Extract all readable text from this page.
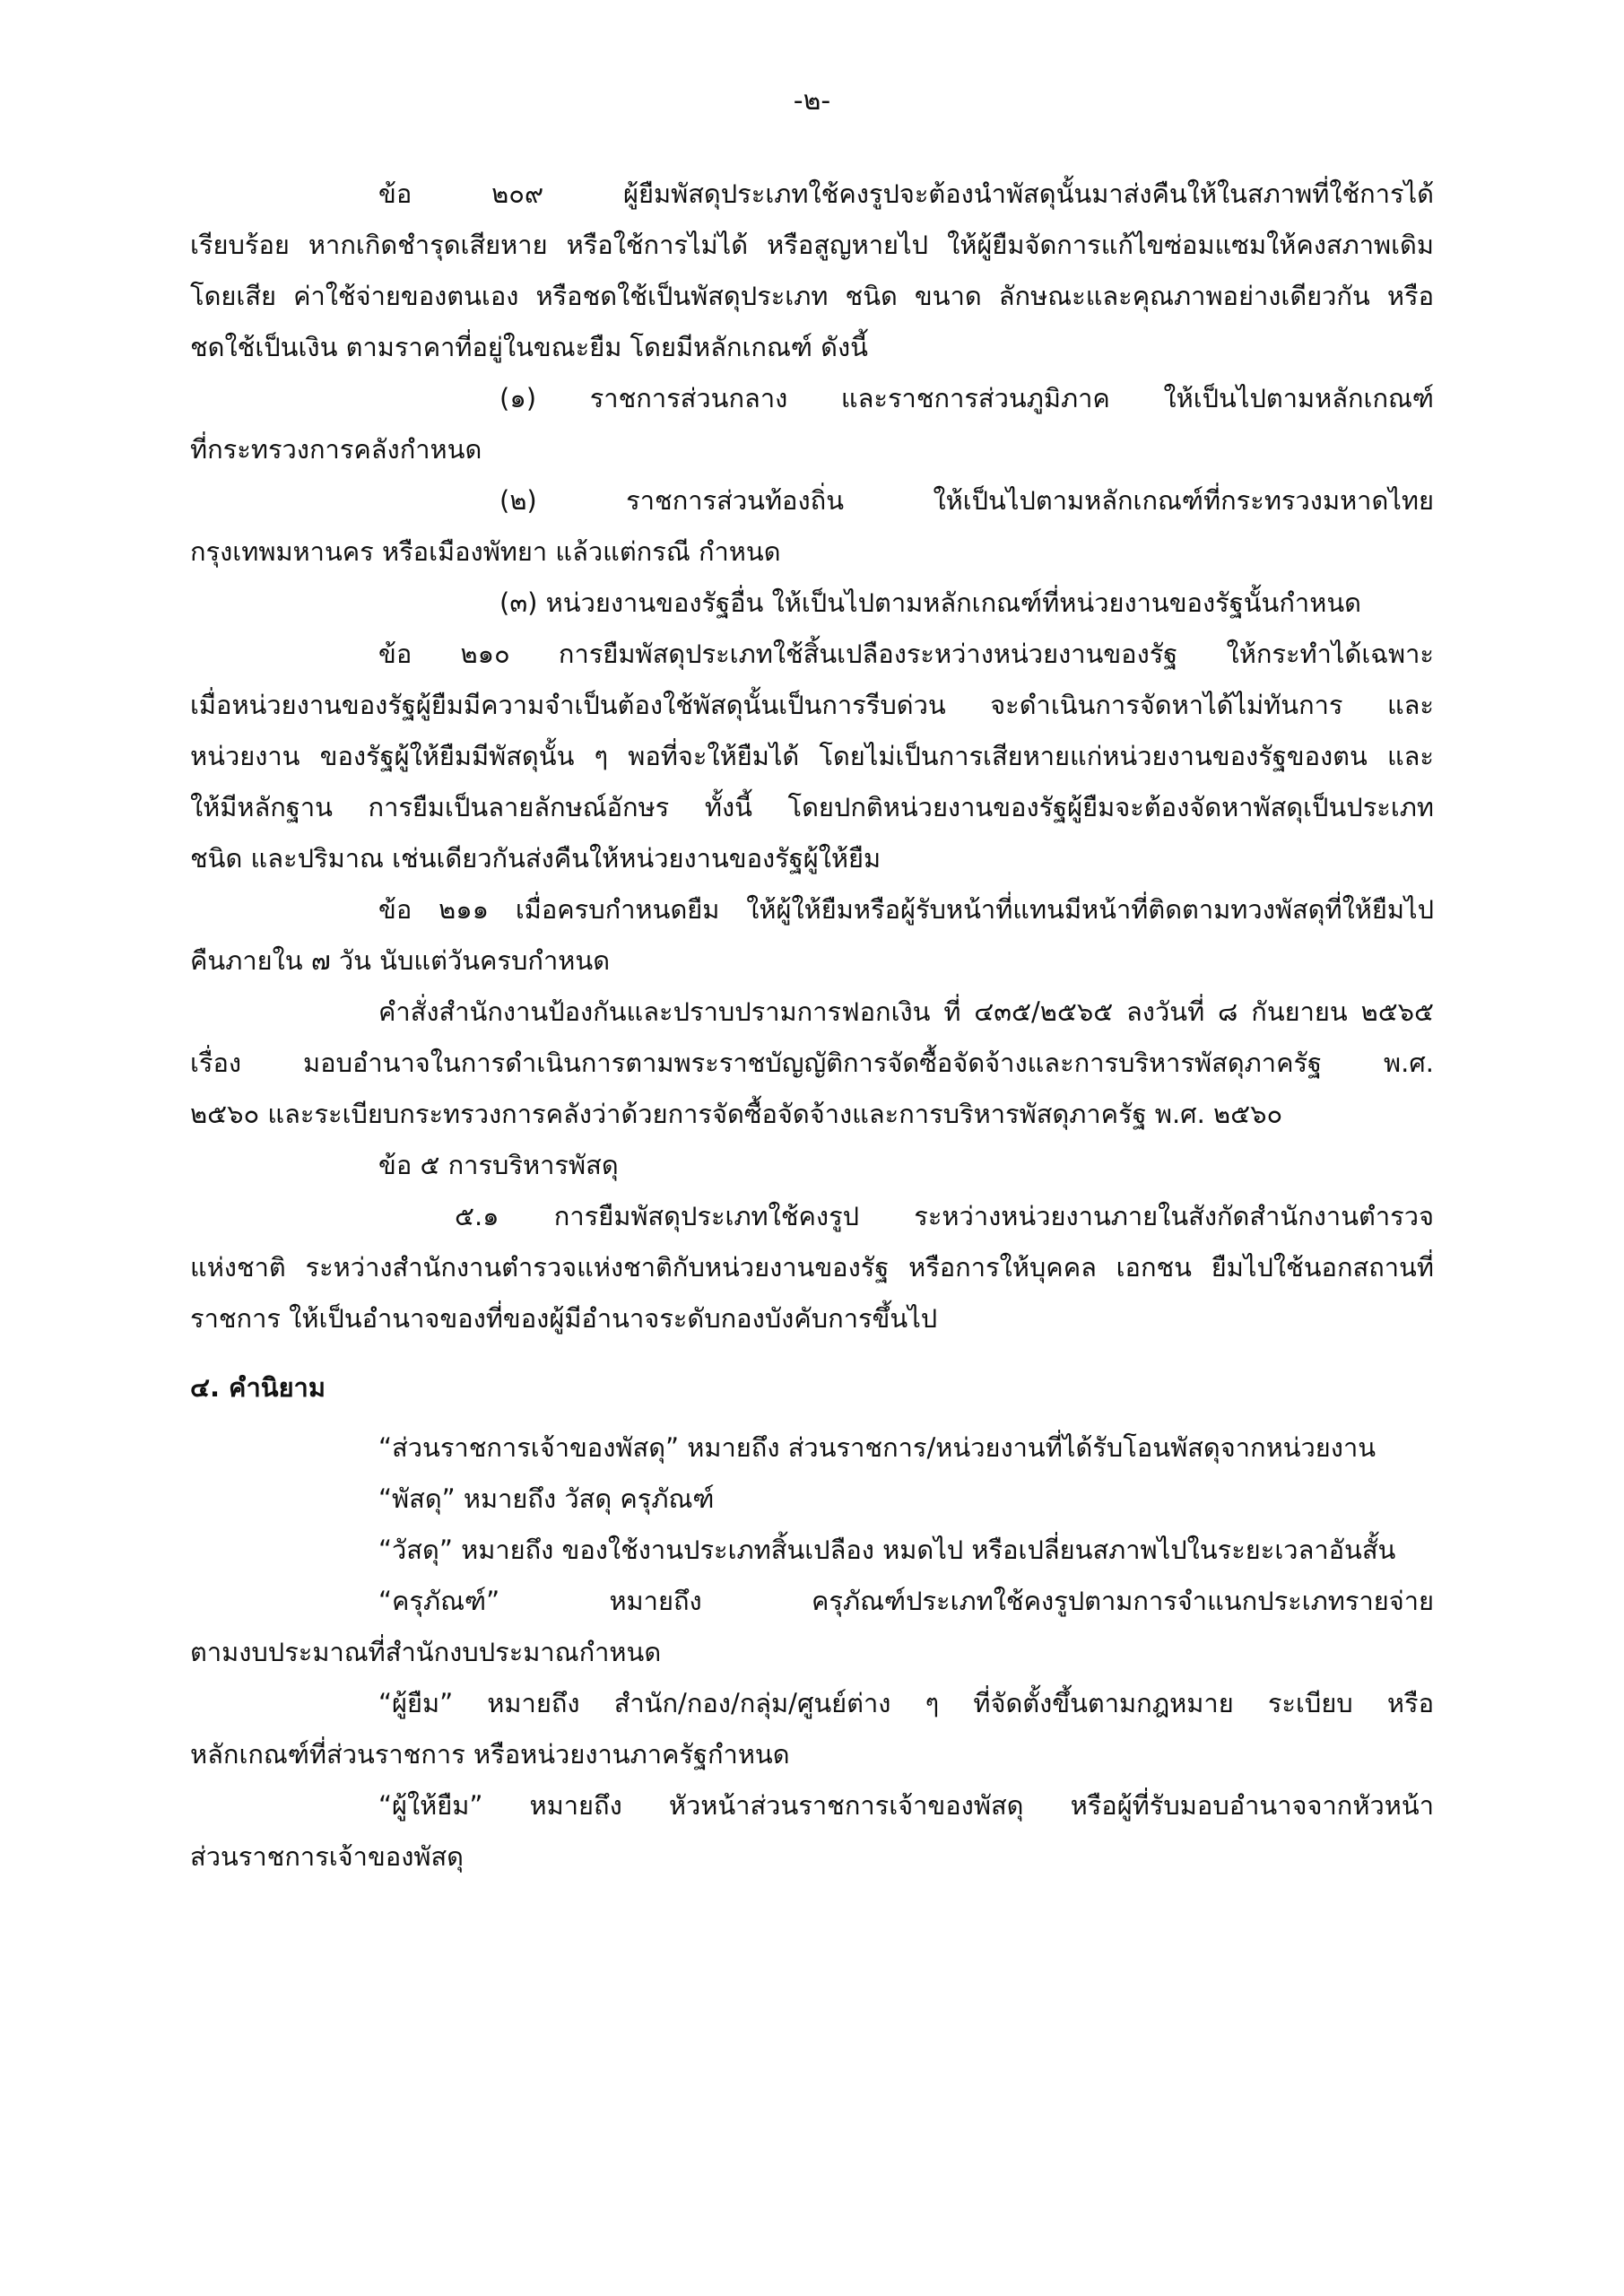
-๒-

ข้อ ๒๐๙ ผู้ยืมพัสดุประเภทใช้คงรูปจะต้องนำพัสดุนั้นมาส่งคืนให้ในสภาพที่ใช้การได้

เรียบร้อย หากเกิดชำรุดเสียหาย หรือใช้การไม่ได้ หรือสูญหายไป ให้ผู้ยืมจัดการแก้ไขซ่อมแซมให้คงสภาพเดิม

โดยเสีย ค่าใช้จ่ายของตนเอง หรือชดใช้เป็นพัสดุประเภท ชนิด ขนาด ลักษณะและคุณภาพอย่างเดียวกัน หรือ

ชดใช้เป็นเงิน ตามราคาที่อยู่ในขณะยืม โดยมีหลักเกณฑ์ ดังนี้

(๑) ราชการส่วนกลาง และราชการส่วนภูมิภาค ให้เป็นไปตามหลักเกณฑ์

ที่กระทรวงการคลังกำหนด

(๒) ราชการส่วนท้องถิ่น ให้เป็นไปตามหลักเกณฑ์ที่กระทรวงมหาดไทย

กรุงเทพมหานคร หรือเมืองพัทยา แล้วแต่กรณี กำหนด

(๓) หน่วยงานของรัฐอื่น ให้เป็นไปตามหลักเกณฑ์ที่หน่วยงานของรัฐนั้นกำหนด

ข้อ ๒๑๐ การยืมพัสดุประเภทใช้สิ้นเปลืองระหว่างหน่วยงานของรัฐ ให้กระทำได้เฉพาะ

เมื่อหน่วยงานของรัฐผู้ยืมมีความจำเป็นต้องใช้พัสดุนั้นเป็นการรีบด่วน จะดำเนินการจัดหาได้ไม่ทันการ และ

หน่วยงาน ของรัฐผู้ให้ยืมมีพัสดุนั้น ๆ พอที่จะให้ยืมได้ โดยไม่เป็นการเสียหายแก่หน่วยงานของรัฐของตน และ

ให้มีหลักฐาน การยืมเป็นลายลักษณ์อักษร ทั้งนี้ โดยปกติหน่วยงานของรัฐผู้ยืมจะต้องจัดหาพัสดุเป็นประเภท

ชนิด และปริมาณ เช่นเดียวกันส่งคืนให้หน่วยงานของรัฐผู้ให้ยืม

ข้อ ๒๑๑ เมื่อครบกำหนดยืม ให้ผู้ให้ยืมหรือผู้รับหน้าที่แทนมีหน้าที่ติดตามทวงพัสดุที่ให้ยืมไป

คืนภายใน ๗ วัน นับแต่วันครบกำหนด

คำสั่งสำนักงานป้องกันและปราบปรามการฟอกเงิน ที่ ๔๓๕/๒๕๖๕ ลงวันที่ ๘ กันยายน ๒๕๖๕

เรื่อง มอบอำนาจในการดำเนินการตามพระราชบัญญัติการจัดซื้อจัดจ้างและการบริหารพัสดุภาครัฐ พ.ศ.

๒๕๖๐ และระเบียบกระทรวงการคลังว่าด้วยการจัดซื้อจัดจ้างและการบริหารพัสดุภาครัฐ พ.ศ. ๒๕๖๐

ข้อ ๕ การบริหารพัสดุ

๕.๑ การยืมพัสดุประเภทใช้คงรูป ระหว่างหน่วยงานภายในสังกัดสำนักงานตำรวจ

แห่งชาติ ระหว่างสำนักงานตำรวจแห่งชาติกับหน่วยงานของรัฐ หรือการให้บุคคล เอกชน ยืมไปใช้นอกสถานที่

ราชการ ให้เป็นอำนาจของที่ของผู้มีอำนาจระดับกองบังคับการขึ้นไป

๔. คำนิยาม

“ส่วนราชการเจ้าของพัสดุ” หมายถึง ส่วนราชการ/หน่วยงานที่ได้รับโอนพัสดุจากหน่วยงาน

“พัสดุ” หมายถึง วัสดุ ครุภัณฑ์

“วัสดุ” หมายถึง ของใช้งานประเภทสิ้นเปลือง หมดไป หรือเปลี่ยนสภาพไปในระยะเวลาอันสั้น

“ครุภัณฑ์” หมายถึง ครุภัณฑ์ประเภทใช้คงรูปตามการจำแนกประเภทรายจ่าย

ตามงบประมาณที่สำนักงบประมาณกำหนด

“ผู้ยืม” หมายถึง สำนัก/กอง/กลุ่ม/ศูนย์ต่าง ๆ ที่จัดตั้งขึ้นตามกฎหมาย ระเบียบ หรือ

หลักเกณฑ์ที่ส่วนราชการ หรือหน่วยงานภาครัฐกำหนด

“ผู้ให้ยืม” หมายถึง หัวหน้าส่วนราชการเจ้าของพัสดุ หรือผู้ที่รับมอบอำนาจจากหัวหน้า

ส่วนราชการเจ้าของพัสดุ
